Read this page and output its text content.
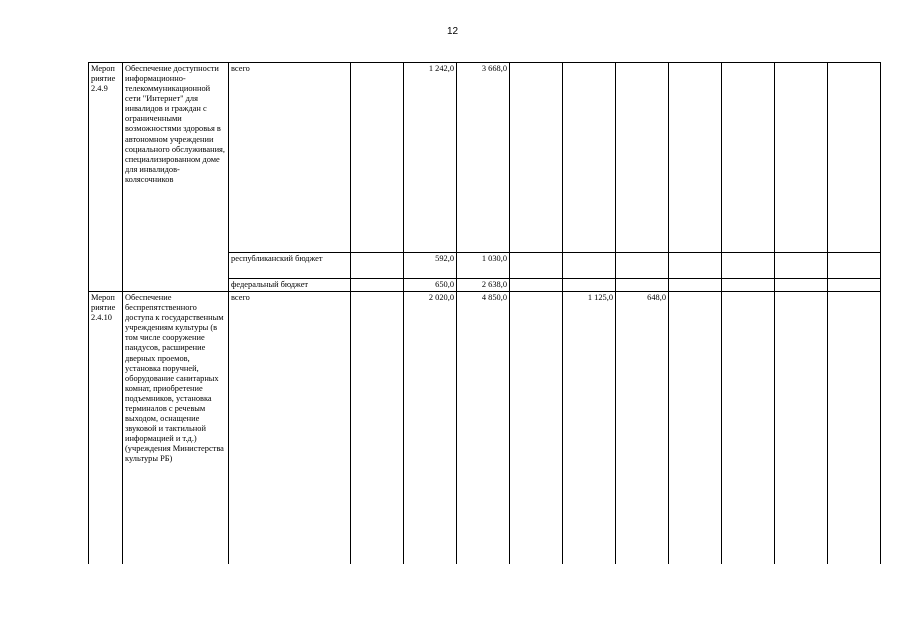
12
Мероп риятие 2.4.9	Обеспечение доступности информационно-телекоммуникационной сети "Интернет" для инвалидов и граждан с ограниченными возможностями здоровья в автономном учреждении социального обслуживания, специализированном доме для инвалидов-колясочников	всего		1 242,0	3 668,0							
		республиканский бюджет		592,0	1 030,0							
		федеральный бюджет		650,0	2 638,0							

Мероп риятие 2.4.10	Обеспечение беспрепятственного доступа к государственным учреждениям культуры (в том числе сооружение пандусов, расширение дверных проемов, установка поручней, оборудование санитарных комнат, приобретение подъемников, установка терминалов с речевым выходом, оснащение звуковой и тактильной информацией и т.д.) (учреждения Министерства культуры РБ)	всего		2 020,0	4 850,0		1 125,0	648,0				
